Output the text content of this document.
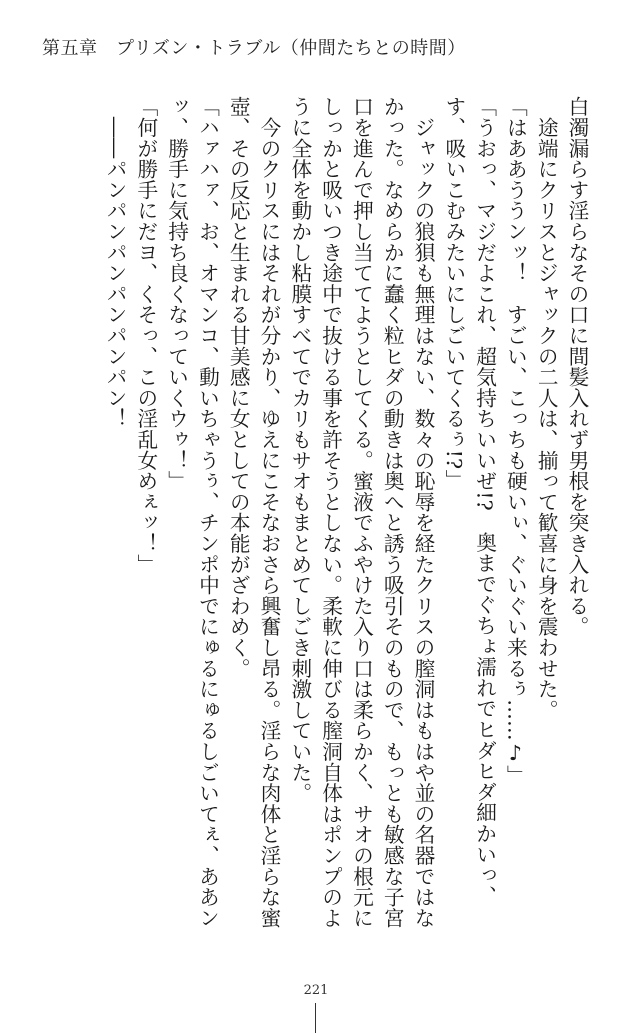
第五章　プリズン・トラブル（仲間たちとの時間）

白濁漏らす淫らなその口に間髪入れず男根を突き入れる。

　途端にクリスとジャックの二人は、揃って歓喜に身を震わせた。

「はああううンッ！　すごい、こっちも硬いぃ、ぐいぐい来るぅ……♪」

「うおっ、マジだよこれ、超気持ちいいぜ!?　奥までぐちょ濡れでヒダヒダ細かいっ、す、吸いこむみたいにしごいてくるぅ!?」

　ジャックの狼狽も無理はない、数々の恥辱を経たクリスの膣洞はもはや並の名器ではなかった。なめらかに蠢く粒ヒダの動きは奥へと誘う吸引そのもので、もっとも敏感な子宮口を進んで押し当ててようとしてくる。蜜液でふやけた入り口は柔らかく、サオの根元にしっかと吸いつき途中で抜ける事を許そうとしない。柔軟に伸びる膣洞自体はポンプのように全体を動かし粘膜すべてでカリもサオもまとめてしごき刺激していた。

　今のクリスにはそれが分かり、ゆえにこそなおさら興奮し昂る。淫らな肉体と淫らな蜜壺、その反応と生まれる甘美感に女としての本能がざわめく。

「ハァハァ、お、オマンコ、動いちゃうぅ、チンポ中でにゅるにゅるしごいてぇ、ああンッ、勝手に気持ち良くなっていくウゥ！」

「何が勝手にだヨ、くそっ、この淫乱女めぇッ！」

　――パンパンパンパンパンパン！

221
